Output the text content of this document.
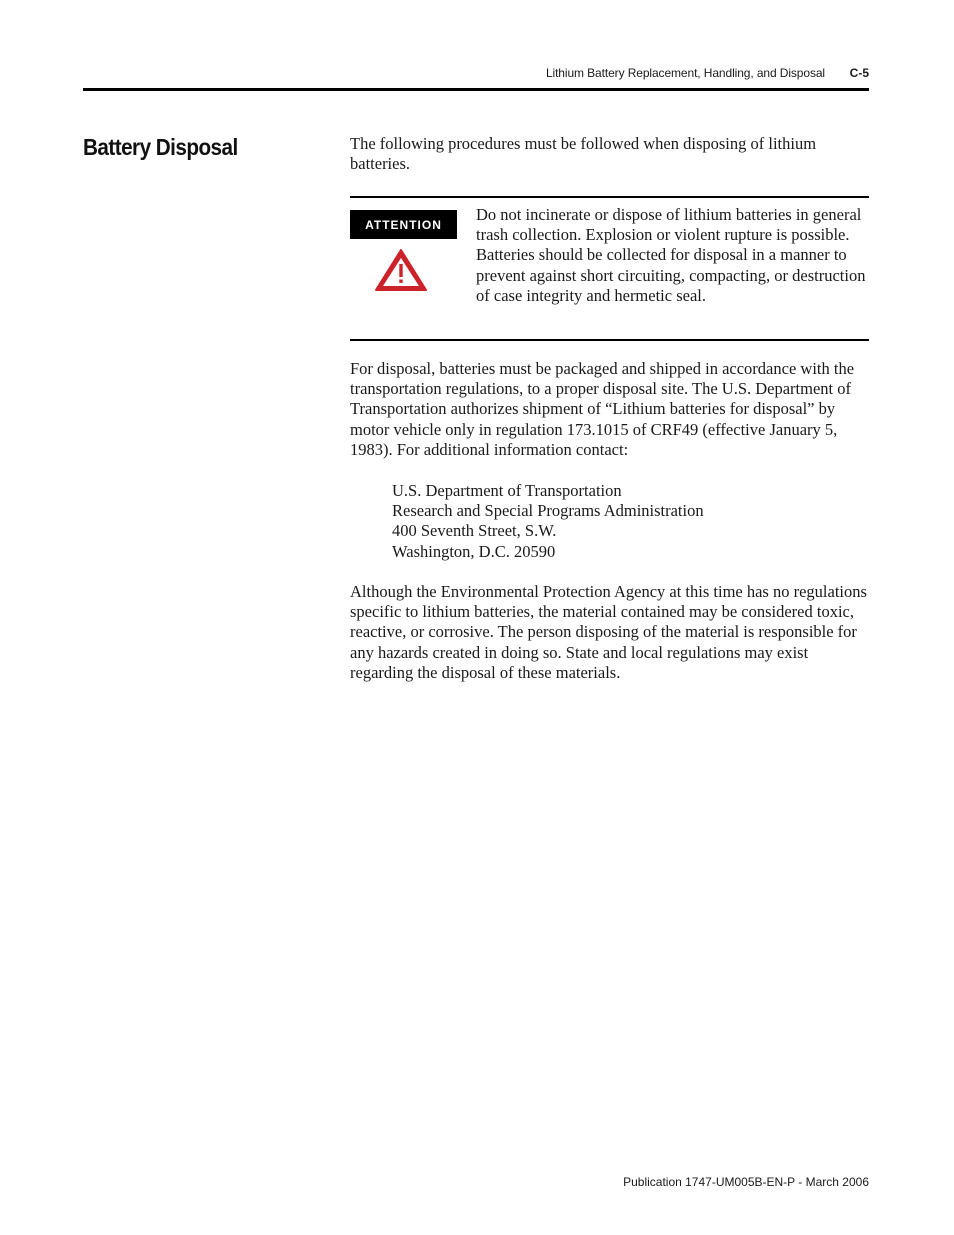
Lithium Battery Replacement, Handling, and Disposal	C-5
Battery Disposal	The following procedures must be followed when disposing of lithium batteries.
ATTENTION
Do not incinerate or dispose of lithium batteries in general trash collection. Explosion or violent rupture is possible. Batteries should be collected for disposal in a manner to prevent against short circuiting, compacting, or destruction of case integrity and hermetic seal.
For disposal, batteries must be packaged and shipped in accordance with the transportation regulations, to a proper disposal site. The U.S. Department of Transportation authorizes shipment of “Lithium batteries for disposal” by motor vehicle only in regulation 173.1015 of CRF49 (effective January 5, 1983). For additional information contact:
U.S. Department of Transportation
Research and Special Programs Administration
400 Seventh Street, S.W.
Washington, D.C. 20590
Although the Environmental Protection Agency at this time has no regulations specific to lithium batteries, the material contained may be considered toxic, reactive, or corrosive. The person disposing of the material is responsible for any hazards created in doing so. State and local regulations may exist regarding the disposal of these materials.
Publication 1747-UM005B-EN-P - March 2006
